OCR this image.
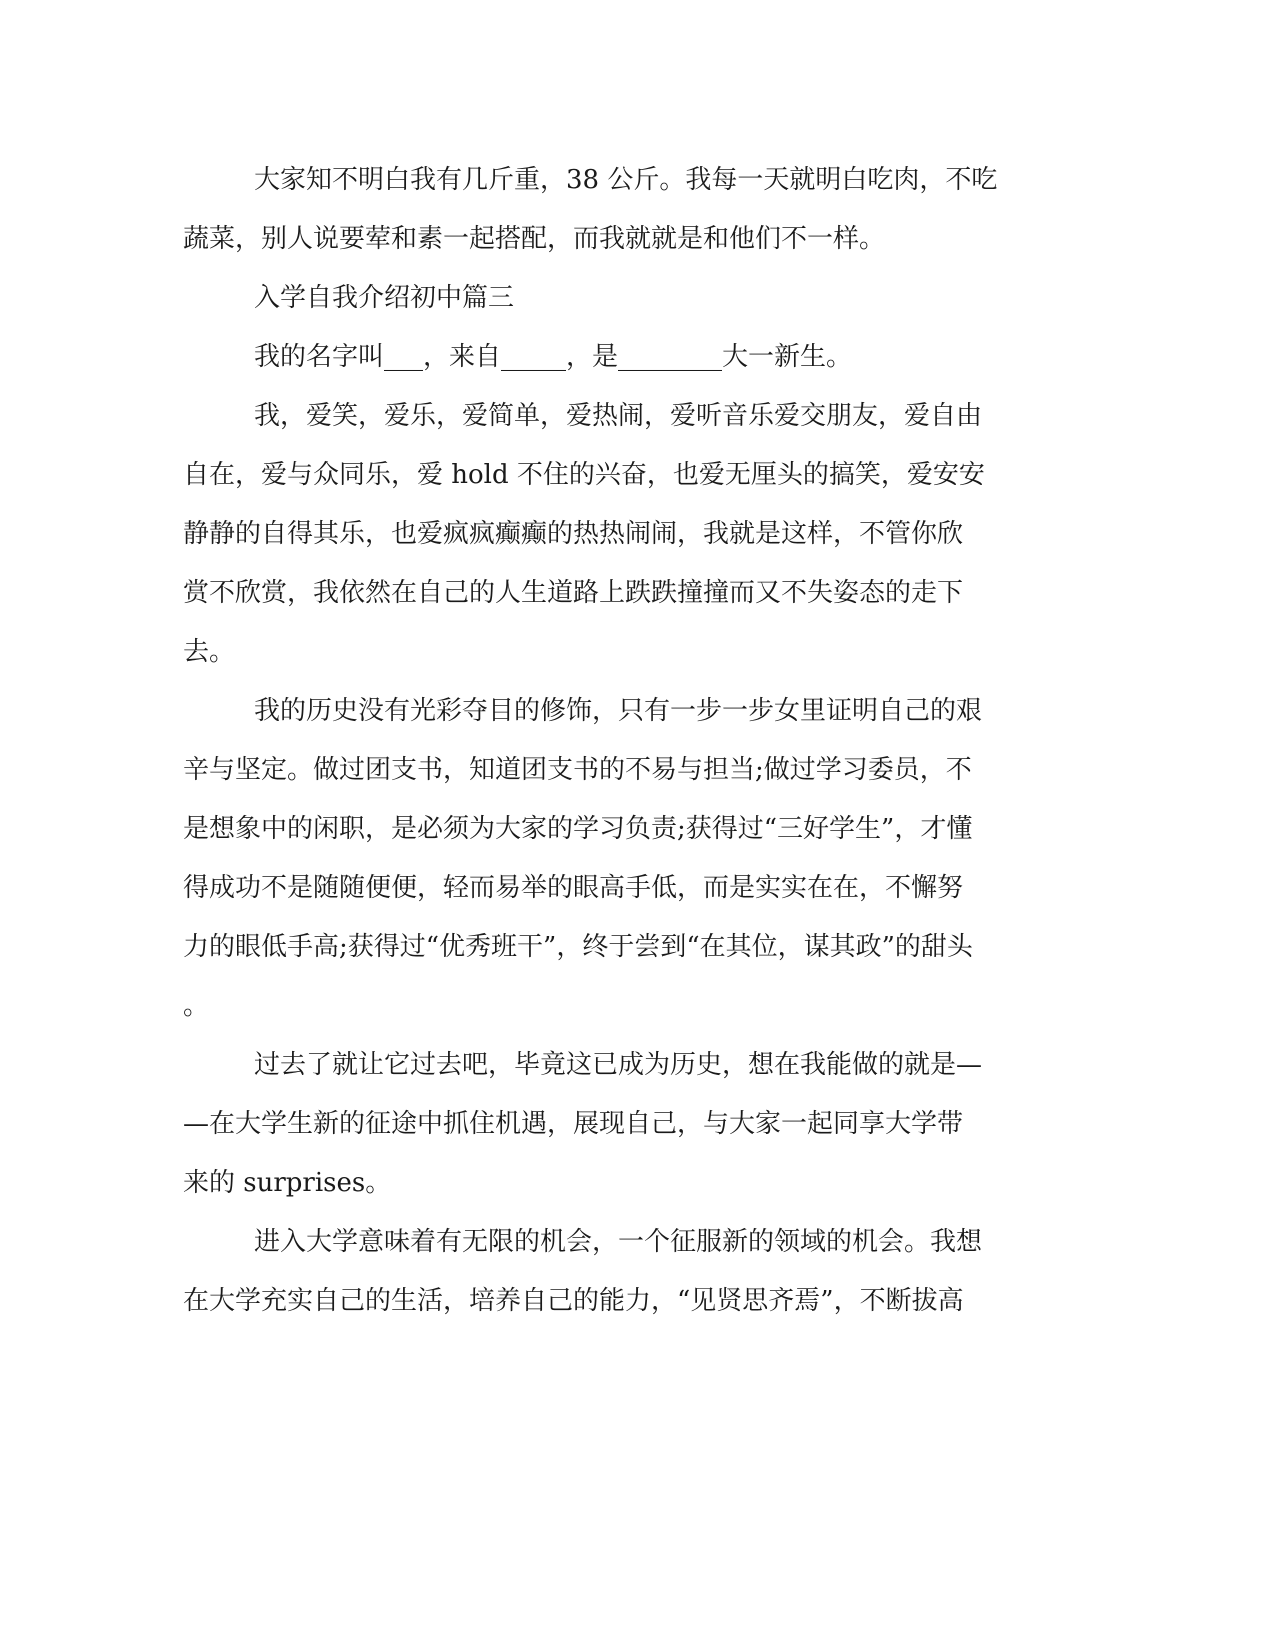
大家知不明白我有几斤重，38 公斤。我每一天就明白吃肉，不吃
蔬菜，别人说要荤和素一起搭配，而我就就是和他们不一样。
入学自我介绍初中篇三
我的名字叫___，来自_____，是________大一新生。
我，爱笑，爱乐，爱简单，爱热闹，爱听音乐爱交朋友，爱自由
自在，爱与众同乐，爱 hold 不住的兴奋，也爱无厘头的搞笑，爱安安
静静的自得其乐，也爱疯疯癫癫的热热闹闹，我就是这样，不管你欣
赏不欣赏，我依然在自己的人生道路上跌跌撞撞而又不失姿态的走下
去。
我的历史没有光彩夺目的修饰，只有一步一步女里证明自己的艰
辛与坚定。做过团支书，知道团支书的不易与担当;做过学习委员，不
是想象中的闲职，是必须为大家的学习负责;获得过“三好学生”，才懂
得成功不是随随便便，轻而易举的眼高手低，而是实实在在，不懈努
力的眼低手高;获得过“优秀班干”，终于尝到“在其位，谋其政”的甜头
。
过去了就让它过去吧，毕竟这已成为历史，想在我能做的就是—
—在大学生新的征途中抓住机遇，展现自己，与大家一起同享大学带
来的 surprises。
进入大学意味着有无限的机会，一个征服新的领域的机会。我想
在大学充实自己的生活，培养自己的能力，“见贤思齐焉”，不断拔高
